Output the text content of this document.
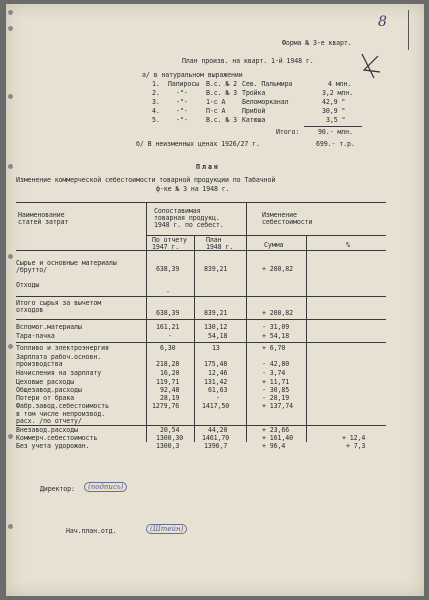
8
Форма № 3-е кварт.
План произв. на кварт. 1-й 1948 г.
а/ в натуральном выражении
1. Папиросы В.с. № 2 Сев. Пальмира	4 млн.
2. -"-	В.с. № 3 Тройка	3,2 млн.
3. -"-	1-с А	Беломорканал	42,9 "
4. -"-	П-с А	Прибой	30,9 "
5. -"-	В.с. № 3 Катюша	3,5 "
Итого:	90.- млн.
б/ В неизменных ценах 1926/27 г.	699.- т.р.
План
Изменение коммерческой себестоимости товарной продукции по Табачной
ф-ке № 3 на 1948 г.
Наименование
статей затрат
Сопоставимая
товарная продукц.
1948 г. по себест.
Изменение
себестоимости
По отчету
1947 г.
План
1948 г.	Сумма	%
Сырье и основные материалы
/брутто/	638,39	839,21	+ 200,82
Отходы
-
Итого сырья за вычетом
отходов	638,39	839,21	+ 200,82
Вспомог.материалы	161,21	130,12	- 31,09
Тара-пачка	-	54,18	+ 54,18
Топливо и электроэнергия	6,30	13	+ 6,70
Зарплата рабоч.основн.
производства	218,28	175,48	- 42,80
Начисления на зарплату	16,20	12,46	- 3,74
Цеховые расходы	119,71	131,42	+ 11,71
Общезавод.расходы	92,48	61,63	- 30,85
Потери от брака	28,19	-	- 28,19
Фабр.завод.себестоимость	1279,76	1417,50	+ 137,74
в том числе непроизвод.
расх. /по отчету/
Внезавод.расходы	20,54	44,20	+ 23,66
Коммерч.себестоимость	1300,30	1461,70	+ 161,40	+ 12,4
Без учета удорожан.	1300,3	1396,7	+ 96,4	+ 7,3
Директор:	(подпись)
Нач.план.отд.	(Штейн)
